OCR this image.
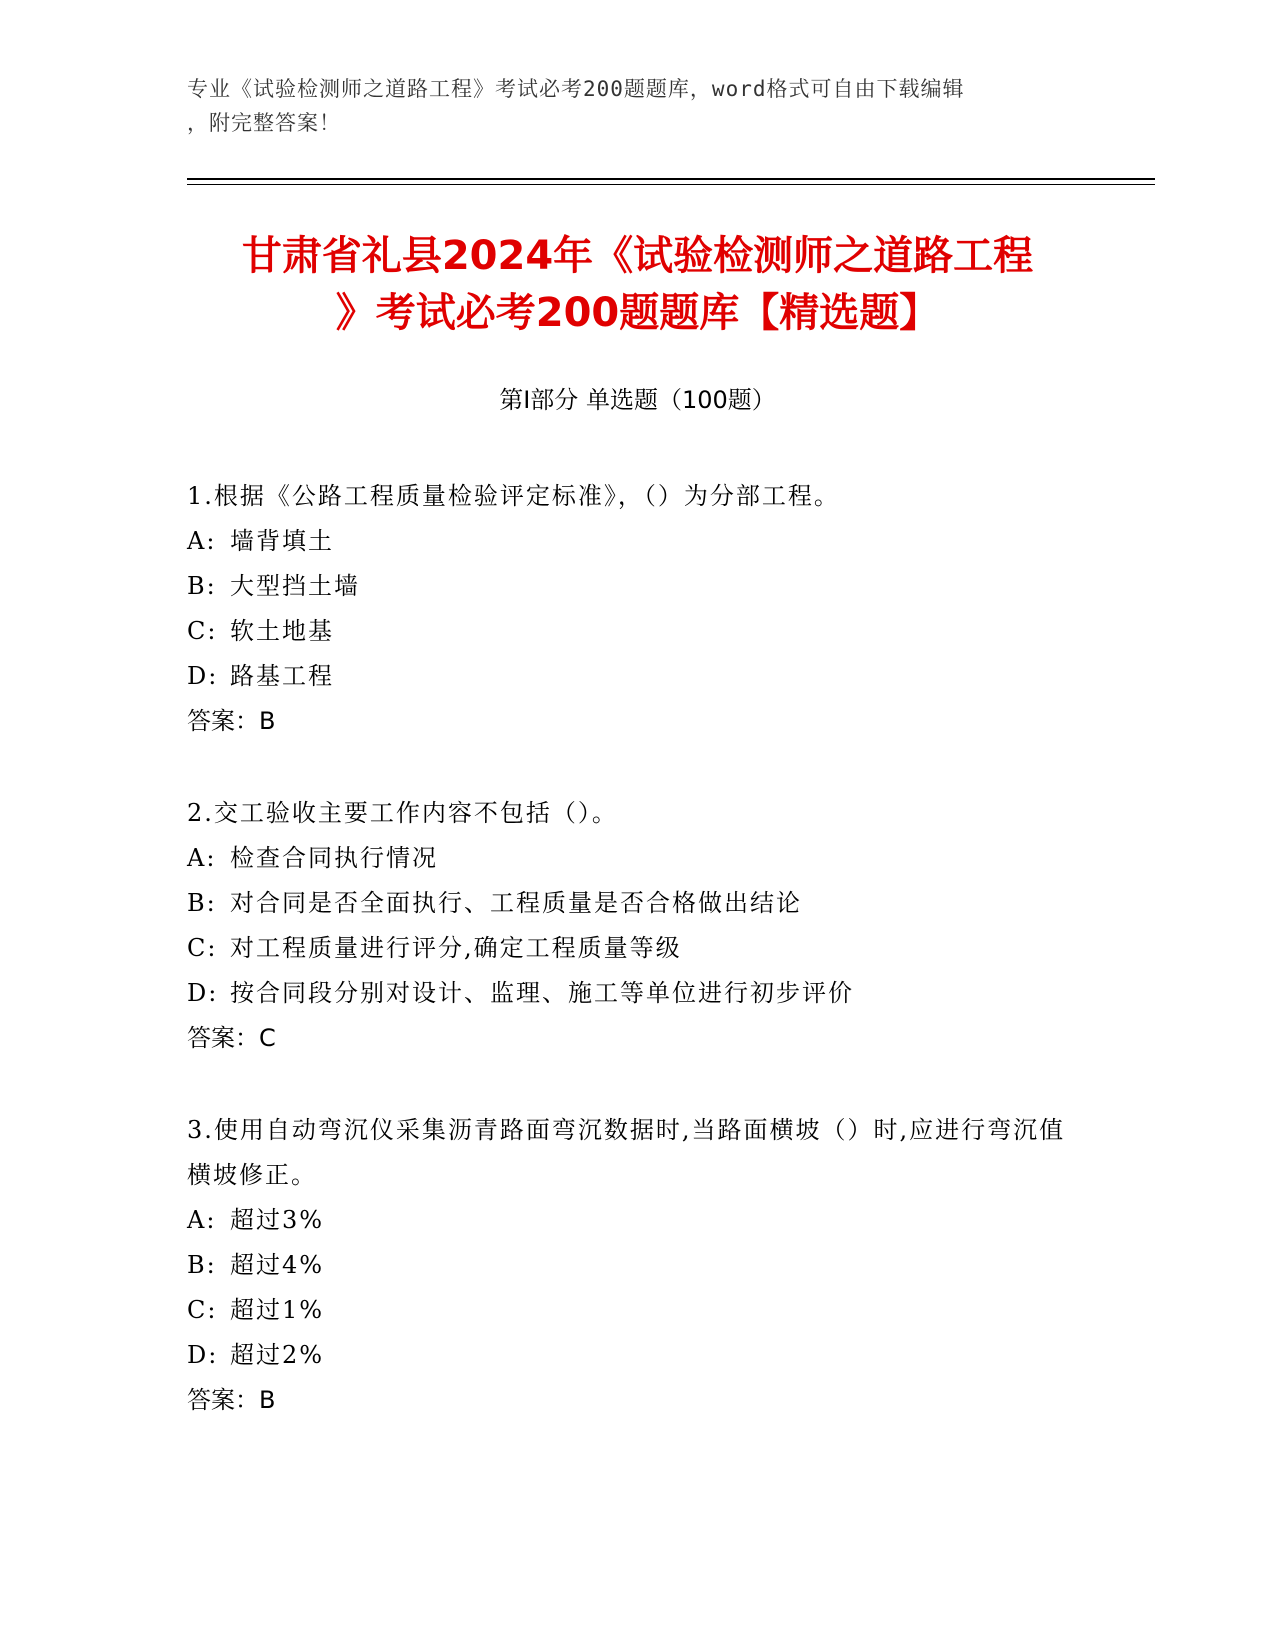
专业《试验检测师之道路工程》考试必考200题题库，word格式可自由下载编辑
，附完整答案！
甘肃省礼县2024年《试验检测师之道路工程
》考试必考200题题库【精选题】
第I部分 单选题（100题）
1.根据《公路工程质量检验评定标准》，（）为分部工程。
A: 墙背填土
B: 大型挡土墙
C: 软土地基
D: 路基工程
答案：B
2.交工验收主要工作内容不包括（）。
A: 检查合同执行情况
B: 对合同是否全面执行、工程质量是否合格做出结论
C: 对工程质量进行评分,确定工程质量等级
D: 按合同段分别对设计、监理、施工等单位进行初步评价
答案：C
3.使用自动弯沉仪采集沥青路面弯沉数据时,当路面横坡（）时,应进行弯沉值横坡修正。
A: 超过3%
B: 超过4%
C: 超过1%
D: 超过2%
答案：B
